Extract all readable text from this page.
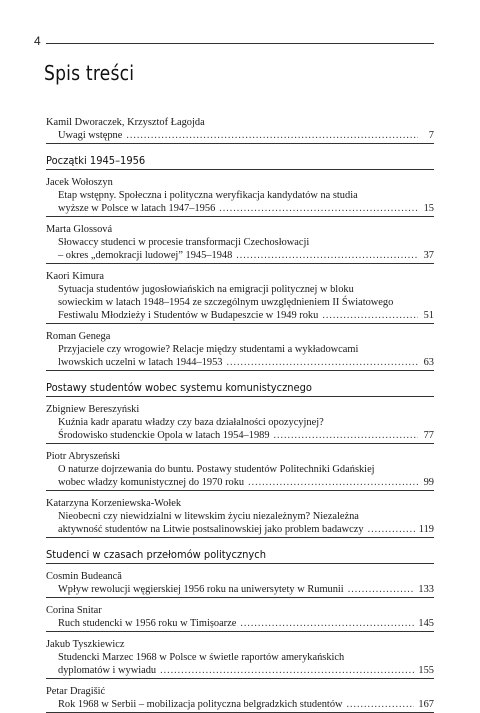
4
Spis treści
Kamil Dworaczek, Krzysztof Łagojda
Uwagi wstępne .....	7
Początki 1945–1956
Jacek Wołoszyn
Etap wstępny. Społeczna i polityczna weryfikacja kandydatów na studia
wyższe w Polsce w latach 1947–1956 .....	15
Marta Glossová
Słowaccy studenci w procesie transformacji Czechosłowacji
– okres „demokracji ludowej” 1945–1948 .....	37
Kaori Kimura
Sytuacja studentów jugosłowiańskich na emigracji politycznej w bloku
sowieckim w latach 1948–1954 ze szczególnym uwzględnieniem II Światowego
Festiwalu Młodzieży i Studentów w Budapeszcie w 1949 roku .....	51
Roman Genega
Przyjaciele czy wrogowie? Relacje między studentami a wykładowcami
lwowskich uczelni w latach 1944–1953 .....	63
Postawy studentów wobec systemu komunistycznego
Zbigniew Bereszyński
Kuźnia kadr aparatu władzy czy baza działalności opozycyjnej?
Środowisko studenckie Opola w latach 1954–1989 .....	77
Piotr Abryszeński
O naturze dojrzewania do buntu. Postawy studentów Politechniki Gdańskiej
wobec władzy komunistycznej do 1970 roku .....	99
Katarzyna Korzeniewska-Wołek
Nieobecni czy niewidzialni w litewskim życiu niezależnym? Niezależna
aktywność studentów na Litwie postsalinowskiej jako problem badawczy .....	119
Studenci w czasach przełomów politycznych
Cosmin Budeancă
Wpływ rewolucji węgierskiej 1956 roku na uniwersytety w Rumunii .....	133
Corina Snitar
Ruch studencki w 1956 roku w Timișoarze .....	145
Jakub Tyszkiewicz
Studencki Marzec 1968 w Polsce w świetle raportów amerykańskich
dyplomatów i wywiadu .....	155
Petar Dragišić
Rok 1968 w Serbii – mobilizacja polityczna belgradzkich studentów .....	167
